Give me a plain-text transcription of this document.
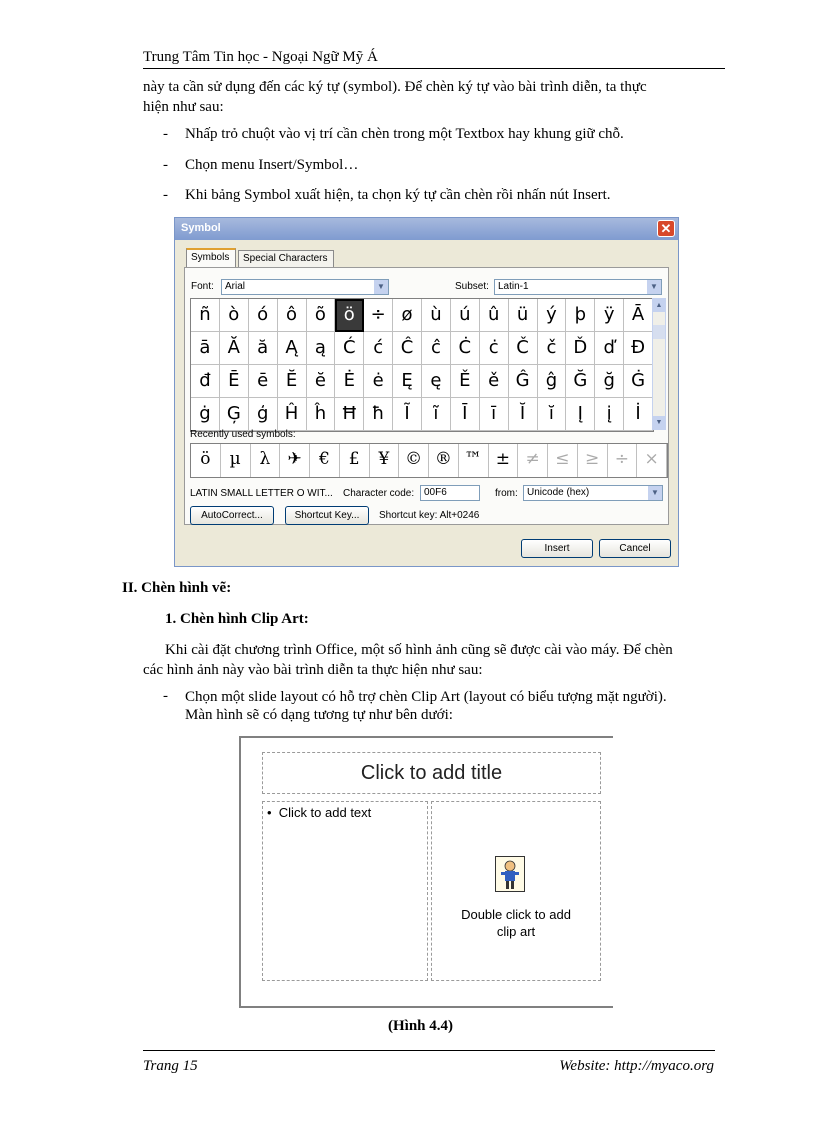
Trung Tâm Tin học - Ngoại Ngữ Mỹ Á
này ta cần sử dụng đến các ký tự (symbol). Để chèn ký tự vào bài trình diễn, ta thực
hiện như sau:
- Nhấp trỏ chuột vào vị trí cần chèn trong một Textbox hay khung giữ chỗ.
- Chọn menu Insert/Symbol…
- Khi bảng Symbol xuất hiện, ta chọn ký tự cần chèn rồi nhấn nút Insert.
Symbol	✕
Symbols	Special Characters
Font:	Arial	▼	Subset: Latin-1	▼
ñ ò ó ô õ ö ÷ ø ù ú û ü ý þ ÿ Ā
ā Ă ă Ą ą Ć ć Ĉ ĉ Ċ ċ Č č Ď ď Đ
đ Ē ē Ĕ ĕ Ė ė Ę ę Ě ě Ĝ ĝ Ğ ğ Ġ
ġ Ģ ģ Ĥ ĥ Ħ ħ	Ĩ	ĩ	Ī	ī	Ĭ	ĭ	Į	į	İ
▲
▼
Recently used symbols:
ö	µ	λ	✈	€	£	¥ © ® ™ ± ≠ ≤ ≥ ÷ ×
LATIN SMALL LETTER O WIT... Character code: 00F6	from: Unicode (hex)	▼
AutoCorrect...	Shortcut Key...	Shortcut key: Alt+0246
Insert	Cancel
II. Chèn hình vẽ:
1. Chèn hình Clip Art:
Khi cài đặt chương trình Office, một số hình ảnh cũng sẽ được cài vào máy. Để chèn
các hình ảnh này vào bài trình diễn ta thực hiện như sau:
- Chọn một slide layout có hỗ trợ chèn Clip Art (layout có biểu tượng mặt người).
Màn hình sẽ có dạng tương tự như bên dưới:
Click to add title
•  Click to add text
Double click to add
clip art
(Hình 4.4)
Trang 15	Website: http://myaco.org
